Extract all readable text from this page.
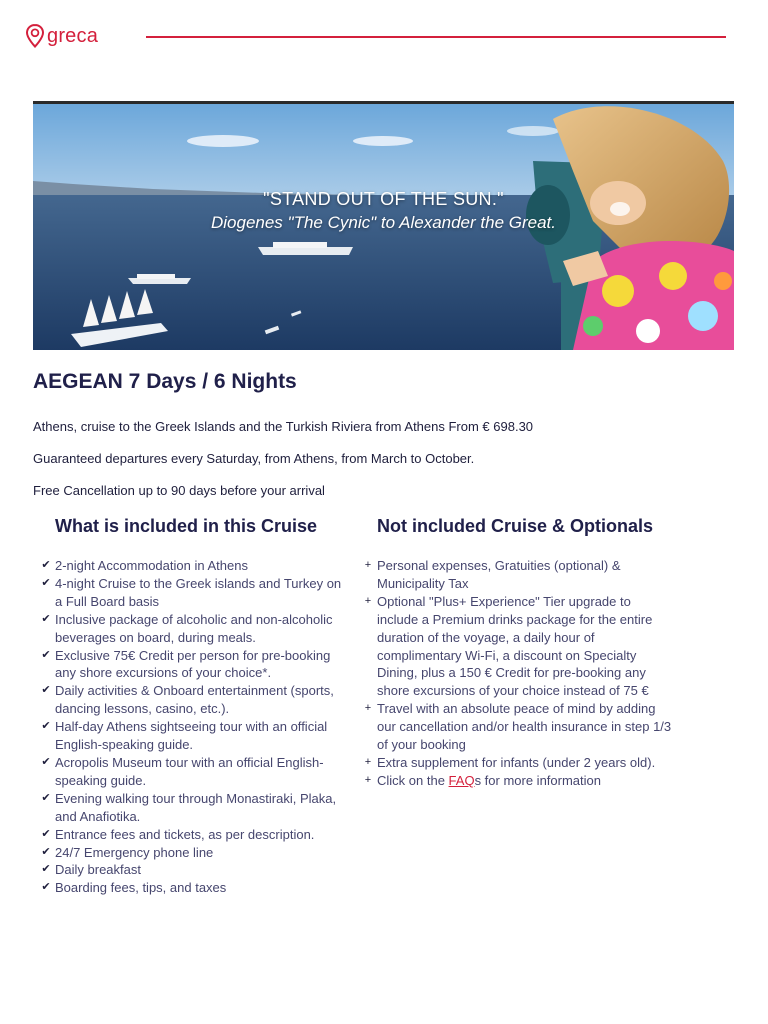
greca
"STAND OUT OF THE SUN."
Diogenes "The Cynic" to Alexander the Great.
AEGEAN 7 Days / 6 Nights
Athens, cruise to the Greek Islands and the Turkish Riviera from Athens From € 698.30
Guaranteed departures every Saturday, from Athens, from March to October.
Free Cancellation up to 90 days before your arrival
What is included in this Cruise	Not included Cruise & Optionals
✔ 2-night Accommodation in Athens
✔ 4-night Cruise to the Greek islands and Turkey on a Full Board basis
✔ Inclusive package of alcoholic and non-alcoholic beverages on board, during meals.
✔ Exclusive 75€ Credit per person for pre-booking any shore excursions of your choice*.
✔ Daily activities & Onboard entertainment (sports, dancing lessons, casino, etc.).
✔ Half-day Athens sightseeing tour with an official English-speaking guide.
✔ Acropolis Museum tour with an official English-speaking guide.
✔ Evening walking tour through Monastiraki, Plaka, and Anafiotika.
✔ Entrance fees and tickets, as per description.
✔ 24/7 Emergency phone line
✔ Daily breakfast
✔ Boarding fees, tips, and taxes
+ Personal expenses, Gratuities (optional) & Municipality Tax
+ Optional "Plus+ Experience" Tier upgrade to include a Premium drinks package for the entire duration of the voyage, a daily hour of complimentary Wi-Fi, a discount on Specialty Dining, plus a 150 € Credit for pre-booking any shore excursions of your choice instead of 75 €
+ Travel with an absolute peace of mind by adding our cancellation and/or health insurance in step 1/3 of your booking
+ Extra supplement for infants (under 2 years old).
+ Click on the FAQs for more information
